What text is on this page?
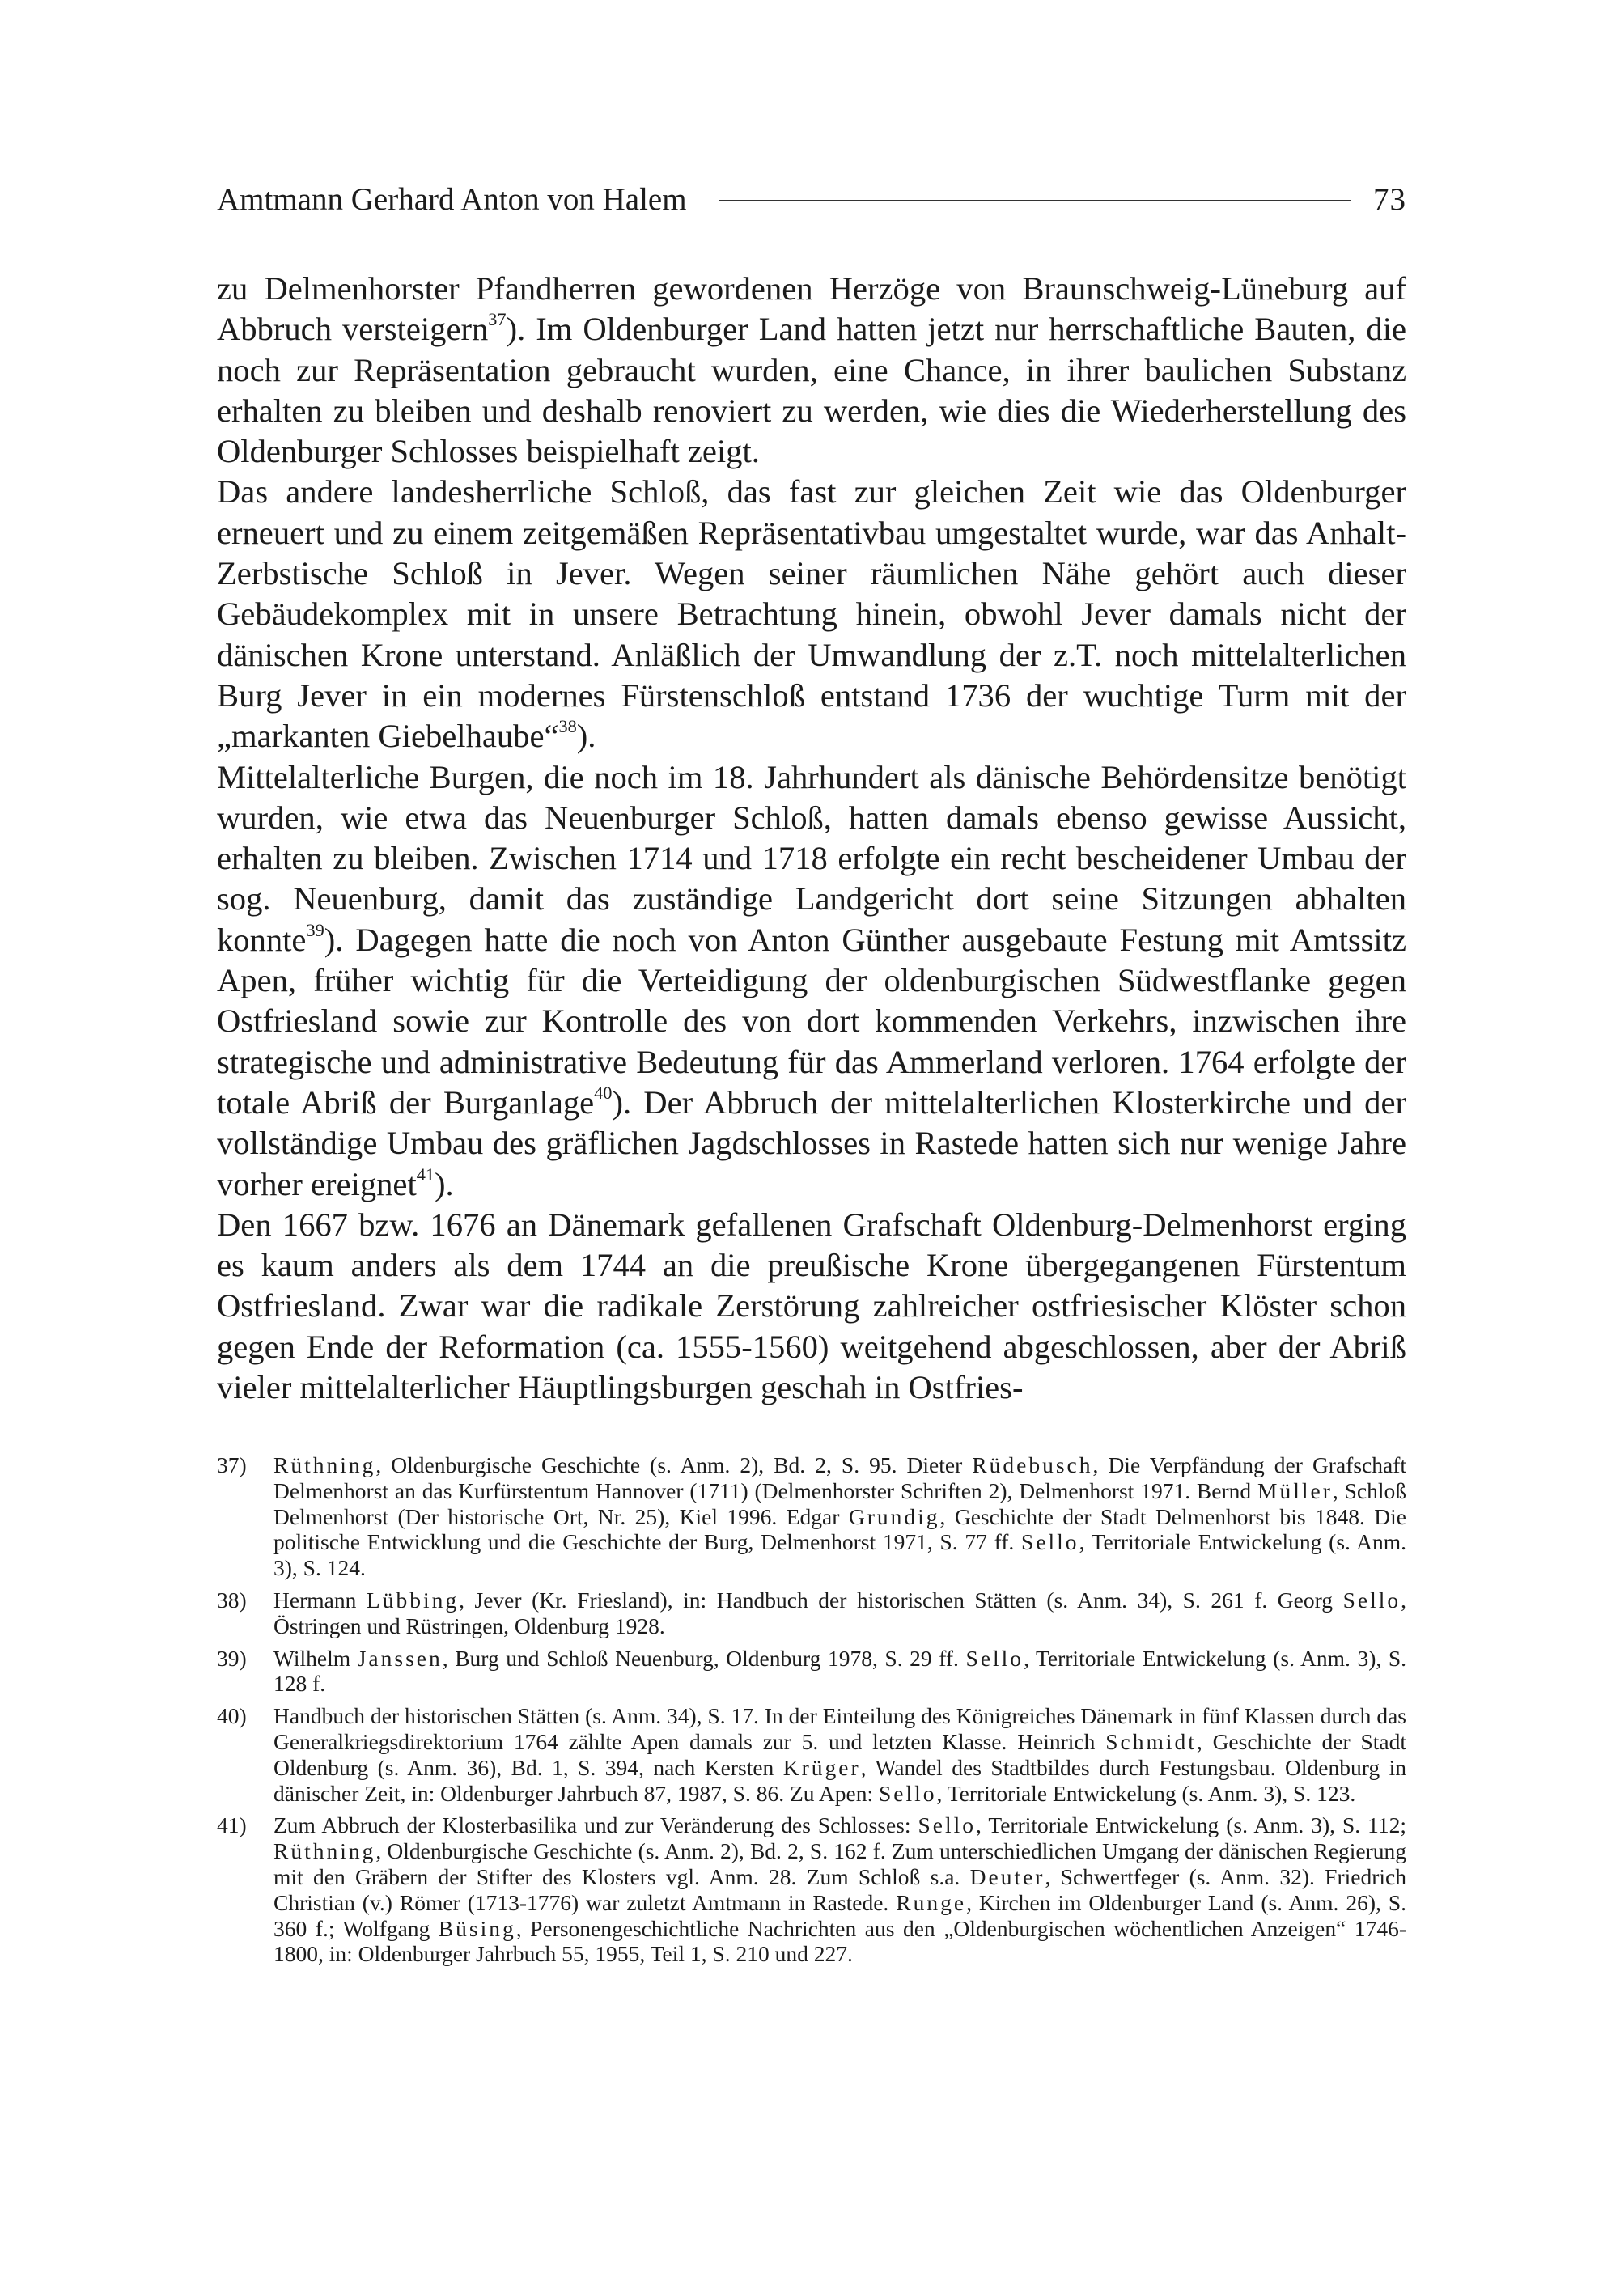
Amtmann Gerhard Anton von Halem	73

zu Delmenhorster Pfandherren gewordenen Herzöge von Braunschweig-Lüneburg auf Abbruch versteigern$^{37}$). Im Oldenburger Land hatten jetzt nur herrschaftliche Bauten, die noch zur Repräsentation gebraucht wurden, eine Chance, in ihrer baulichen Substanz erhalten zu bleiben und deshalb renoviert zu werden, wie dies die Wiederherstellung des Oldenburger Schlosses beispielhaft zeigt.

Das andere landesherrliche Schloß, das fast zur gleichen Zeit wie das Oldenburger erneuert und zu einem zeitgemäßen Repräsentativbau umgestaltet wurde, war das Anhalt-Zerbstische Schloß in Jever. Wegen seiner räumlichen Nähe gehört auch dieser Gebäudekomplex mit in unsere Betrachtung hinein, obwohl Jever damals nicht der dänischen Krone unterstand. Anläßlich der Umwandlung der z.T. noch mittelalterlichen Burg Jever in ein modernes Fürstenschloß entstand 1736 der wuchtige Turm mit der „markanten Giebelhaube“$^{38}$).

Mittelalterliche Burgen, die noch im 18. Jahrhundert als dänische Behördensitze benötigt wurden, wie etwa das Neuenburger Schloß, hatten damals ebenso gewisse Aussicht, erhalten zu bleiben. Zwischen 1714 und 1718 erfolgte ein recht bescheidener Umbau der sog. Neuenburg, damit das zuständige Landgericht dort seine Sitzungen abhalten konnte$^{39}$). Dagegen hatte die noch von Anton Günther ausgebaute Festung mit Amtssitz Apen, früher wichtig für die Verteidigung der oldenburgischen Südwestflanke gegen Ostfriesland sowie zur Kontrolle des von dort kommenden Verkehrs, inzwischen ihre strategische und administrative Bedeutung für das Ammerland verloren. 1764 erfolgte der totale Abriß der Burganlage$^{40}$). Der Abbruch der mittelalterlichen Klosterkirche und der vollständige Umbau des gräflichen Jagdschlosses in Rastede hatten sich nur wenige Jahre vorher ereignet$^{41}$).

Den 1667 bzw. 1676 an Dänemark gefallenen Grafschaft Oldenburg-Delmenhorst erging es kaum anders als dem 1744 an die preußische Krone übergegangenen Fürstentum Ostfriesland. Zwar war die radikale Zerstörung zahlreicher ostfriesischer Klöster schon gegen Ende der Reformation (ca. 1555-1560) weitgehend abgeschlossen, aber der Abriß vieler mittelalterlicher Häuptlingsburgen geschah in Ostfries-

37)	Rüthning, Oldenburgische Geschichte (s. Anm. 2), Bd. 2, S. 95. Dieter Rüdebusch, Die Verpfändung der Grafschaft Delmenhorst an das Kurfürstentum Hannover (1711) (Delmenhorster Schriften 2), Delmenhorst 1971. Bernd Müller, Schloß Delmenhorst (Der historische Ort, Nr. 25), Kiel 1996. Edgar Grundig, Geschichte der Stadt Delmenhorst bis 1848. Die politische Entwicklung und die Geschichte der Burg, Delmenhorst 1971, S. 77 ff. Sello, Territoriale Entwickelung (s. Anm. 3), S. 124.
38)	Hermann Lübbing, Jever (Kr. Friesland), in: Handbuch der historischen Stätten (s. Anm. 34), S. 261 f. Georg Sello, Östringen und Rüstringen, Oldenburg 1928.
39)	Wilhelm Janssen, Burg und Schloß Neuenburg, Oldenburg 1978, S. 29 ff. Sello, Territoriale Entwickelung (s. Anm. 3), S. 128 f.
40)	Handbuch der historischen Stätten (s. Anm. 34), S. 17. In der Einteilung des Königreiches Dänemark in fünf Klassen durch das Generalkriegsdirektorium 1764 zählte Apen damals zur 5. und letzten Klasse. Heinrich Schmidt, Geschichte der Stadt Oldenburg (s. Anm. 36), Bd. 1, S. 394, nach Kersten Krüger, Wandel des Stadtbildes durch Festungsbau. Oldenburg in dänischer Zeit, in: Oldenburger Jahrbuch 87, 1987, S. 86. Zu Apen: Sello, Territoriale Entwickelung (s. Anm. 3), S. 123.
41)	Zum Abbruch der Klosterbasilika und zur Veränderung des Schlosses: Sello, Territoriale Entwickelung (s. Anm. 3), S. 112; Rüthning, Oldenburgische Geschichte (s. Anm. 2), Bd. 2, S. 162 f. Zum unterschiedlichen Umgang der dänischen Regierung mit den Gräbern der Stifter des Klosters vgl. Anm. 28. Zum Schloß s.a. Deuter, Schwertfeger (s. Anm. 32). Friedrich Christian (v.) Römer (1713-1776) war zuletzt Amtmann in Rastede. Runge, Kirchen im Oldenburger Land (s. Anm. 26), S. 360 f.; Wolfgang Büsing, Personengeschichtliche Nachrichten aus den „Oldenburgischen wöchentlichen Anzeigen“ 1746-1800, in: Oldenburger Jahrbuch 55, 1955, Teil 1, S. 210 und 227.
